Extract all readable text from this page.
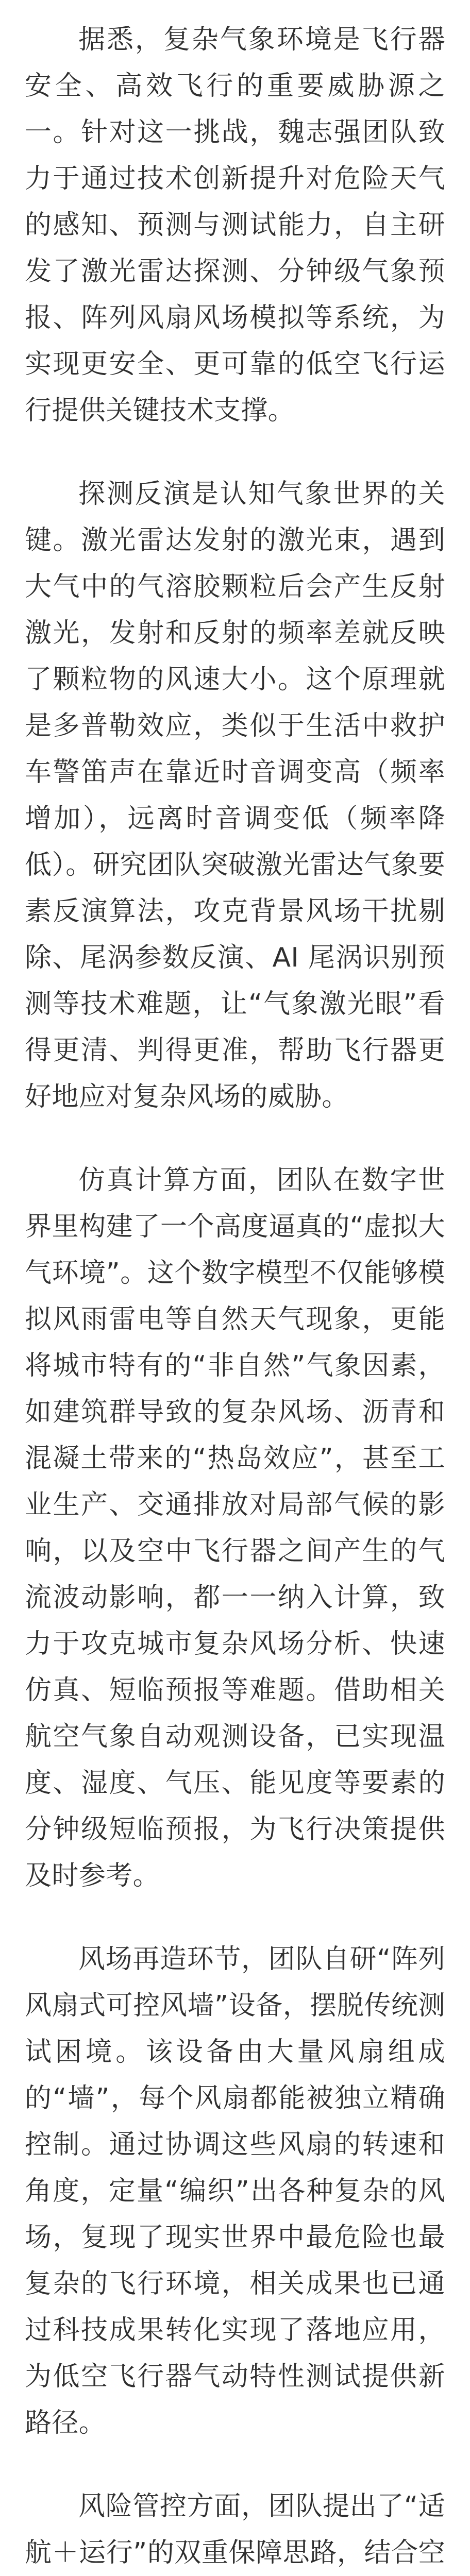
据悉，复杂气象环境是飞行器安全、高效飞行的重要威胁源之一。针对这一挑战，魏志强团队致力于通过技术创新提升对危险天气的感知、预测与测试能力，自主研发了激光雷达探测、分钟级气象预报、阵列风扇风场模拟等系统，为实现更安全、更可靠的低空飞行运行提供关键技术支撑。

探测反演是认知气象世界的关键。激光雷达发射的激光束，遇到大气中的气溶胶颗粒后会产生反射激光，发射和反射的频率差就反映了颗粒物的风速大小。这个原理就是多普勒效应，类似于生活中救护车警笛声在靠近时音调变高（频率增加），远离时音调变低（频率降低）。研究团队突破激光雷达气象要素反演算法，攻克背景风场干扰剔除、尾涡参数反演、AI 尾涡识别预测等技术难题，让“气象激光眼”看得更清、判得更准，帮助飞行器更好地应对复杂风场的威胁。

仿真计算方面，团队在数字世界里构建了一个高度逼真的“虚拟大气环境”。这个数字模型不仅能够模拟风雨雷电等自然天气现象，更能将城市特有的“非自然”气象因素，如建筑群导致的复杂风场、沥青和混凝土带来的“热岛效应”，甚至工业生产、交通排放对局部气候的影响，以及空中飞行器之间产生的气流波动影响，都一一纳入计算，致力于攻克城市复杂风场分析、快速仿真、短临预报等难题。借助相关航空气象自动观测设备，已实现温度、湿度、气压、能见度等要素的分钟级短临预报，为飞行决策提供及时参考。

风场再造环节，团队自研“阵列风扇式可控风墙”设备，摆脱传统测试困境。该设备由大量风扇组成的“墙”，每个风扇都能被独立精确控制。通过协调这些风扇的转速和角度，定量“编织”出各种复杂的风场，复现了现实世界中最危险也最复杂的飞行环境，相关成果也已通过科技成果转化实现了落地应用，为低空飞行器气动特性测试提供新路径。

风险管控方面，团队提出了“适航＋运行”的双重保障思路，结合空
